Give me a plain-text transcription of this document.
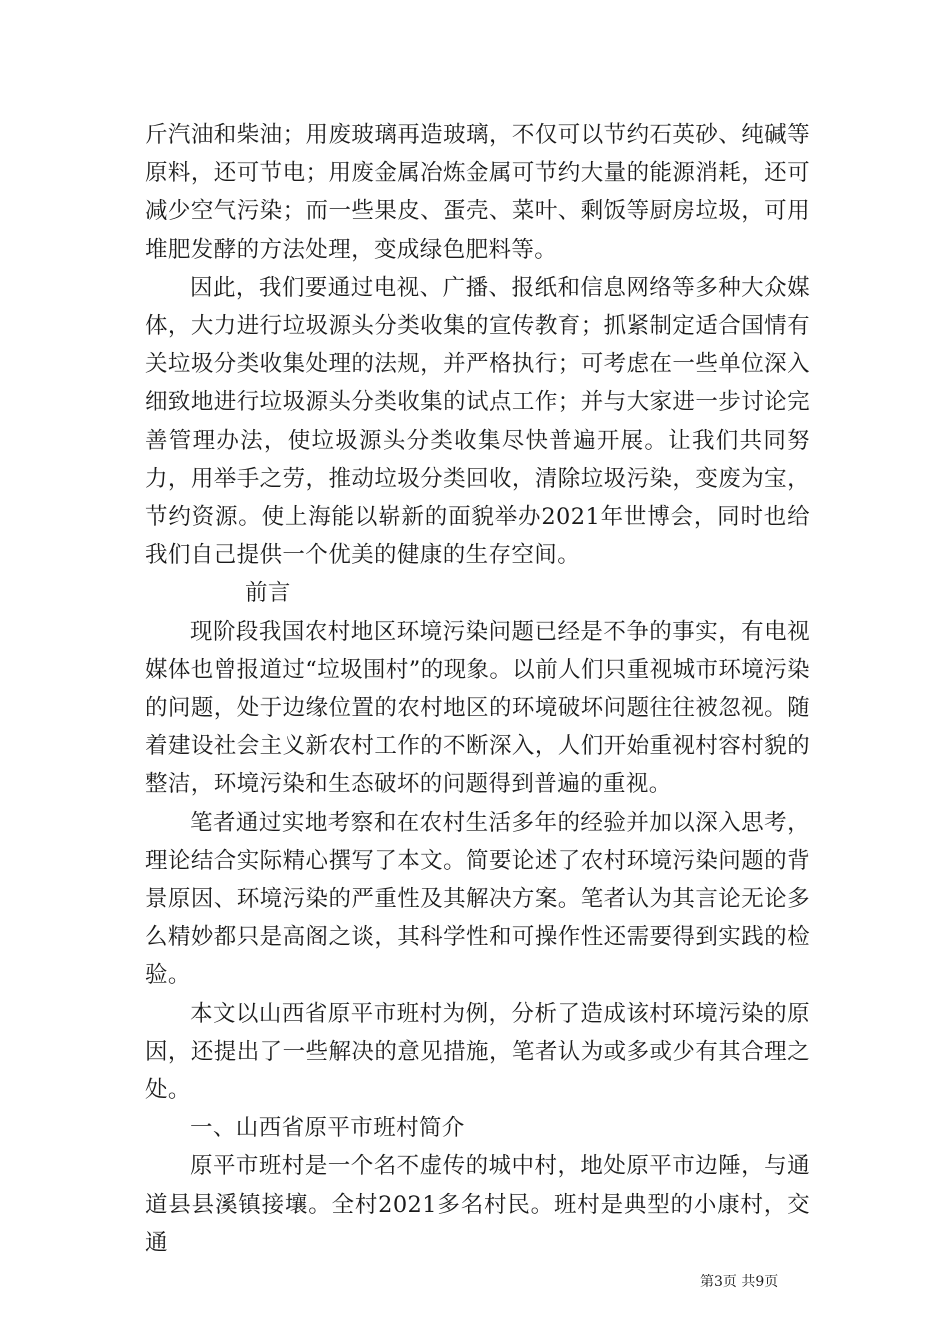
斤汽油和柴油；用废玻璃再造玻璃，不仅可以节约石英砂、纯碱等原料，还可节电；用废金属冶炼金属可节约大量的能源消耗，还可减少空气污染；而一些果皮、蛋壳、菜叶、剩饭等厨房垃圾，可用堆肥发酵的方法处理，变成绿色肥料等。

因此，我们要通过电视、广播、报纸和信息网络等多种大众媒体，大力进行垃圾源头分类收集的宣传教育；抓紧制定适合国情有关垃圾分类收集处理的法规，并严格执行；可考虑在一些单位深入细致地进行垃圾源头分类收集的试点工作；并与大家进一步讨论完善管理办法，使垃圾源头分类收集尽快普遍开展。让我们共同努力，用举手之劳，推动垃圾分类回收，清除垃圾污染，变废为宝，节约资源。使上海能以崭新的面貌举办2021年世博会，同时也给我们自己提供一个优美的健康的生存空间。

前言

现阶段我国农村地区环境污染问题已经是不争的事实，有电视媒体也曾报道过“垃圾围村”的现象。以前人们只重视城市环境污染的问题，处于边缘位置的农村地区的环境破坏问题往往被忽视。随着建设社会主义新农村工作的不断深入，人们开始重视村容村貌的整洁，环境污染和生态破坏的问题得到普遍的重视。

笔者通过实地考察和在农村生活多年的经验并加以深入思考，理论结合实际精心撰写了本文。简要论述了农村环境污染问题的背景原因、环境污染的严重性及其解决方案。笔者认为其言论无论多么精妙都只是高阁之谈，其科学性和可操作性还需要得到实践的检验。

本文以山西省原平市班村为例，分析了造成该村环境污染的原因，还提出了一些解决的意见措施，笔者认为或多或少有其合理之处。

一、山西省原平市班村简介

原平市班村是一个名不虚传的城中村，地处原平市边陲，与通道县县溪镇接壤。全村2021多名村民。班村是典型的小康村，交通

第3页 共9页
